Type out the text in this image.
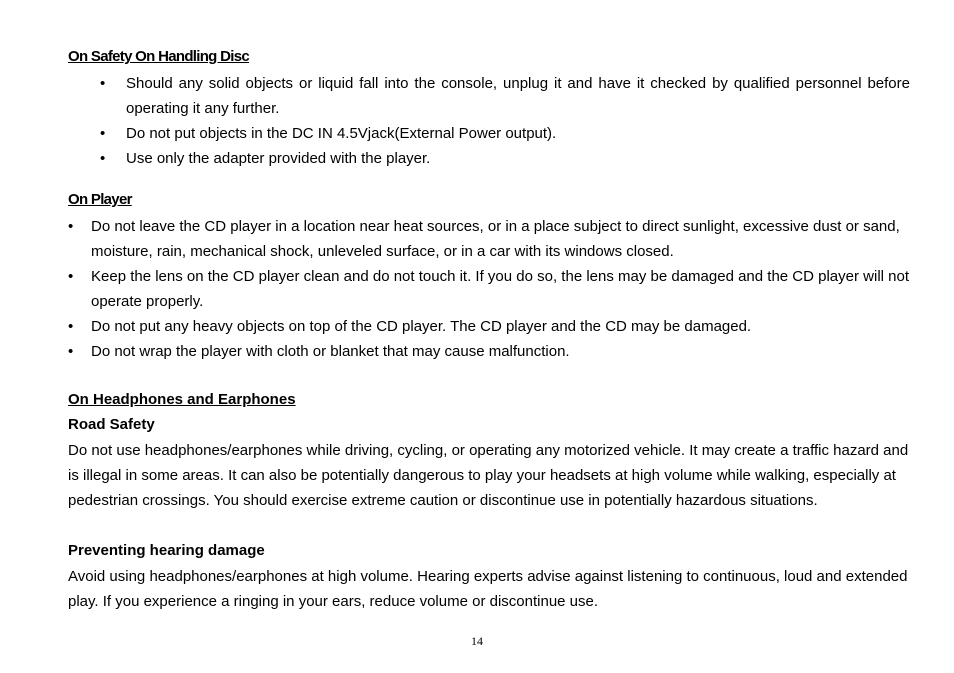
On Safety On Handling Disc
• Should any solid objects or liquid fall into the console, unplug it and have it checked by qualified personnel before operating it any further.
• Do not put objects in the DC IN 4.5Vjack(External Power output).
• Use only the adapter provided with the player.
On Player
• Do not leave the CD player in a location near heat sources, or in a place subject to direct sunlight, excessive dust or sand, moisture, rain, mechanical shock, unleveled surface, or in a car with its windows closed.
• Keep the lens on the CD player clean and do not touch it. If you do so, the lens may be damaged and the CD player will not operate properly.
• Do not put any heavy objects on top of the CD player. The CD player and the CD may be damaged.
• Do not wrap the player with cloth or blanket that may cause malfunction.
On Headphones and Earphones
Road Safety
Do not use headphones/earphones while driving, cycling, or operating any motorized vehicle. It may create a traffic hazard and is illegal in some areas. It can also be potentially dangerous to play your headsets at high volume while walking, especially at pedestrian crossings. You should exercise extreme caution or discontinue use in potentially hazardous situations.
Preventing hearing damage
Avoid using headphones/earphones at high volume. Hearing experts advise against listening to continuous, loud and extended play. If you experience a ringing in your ears, reduce volume or discontinue use.
14
